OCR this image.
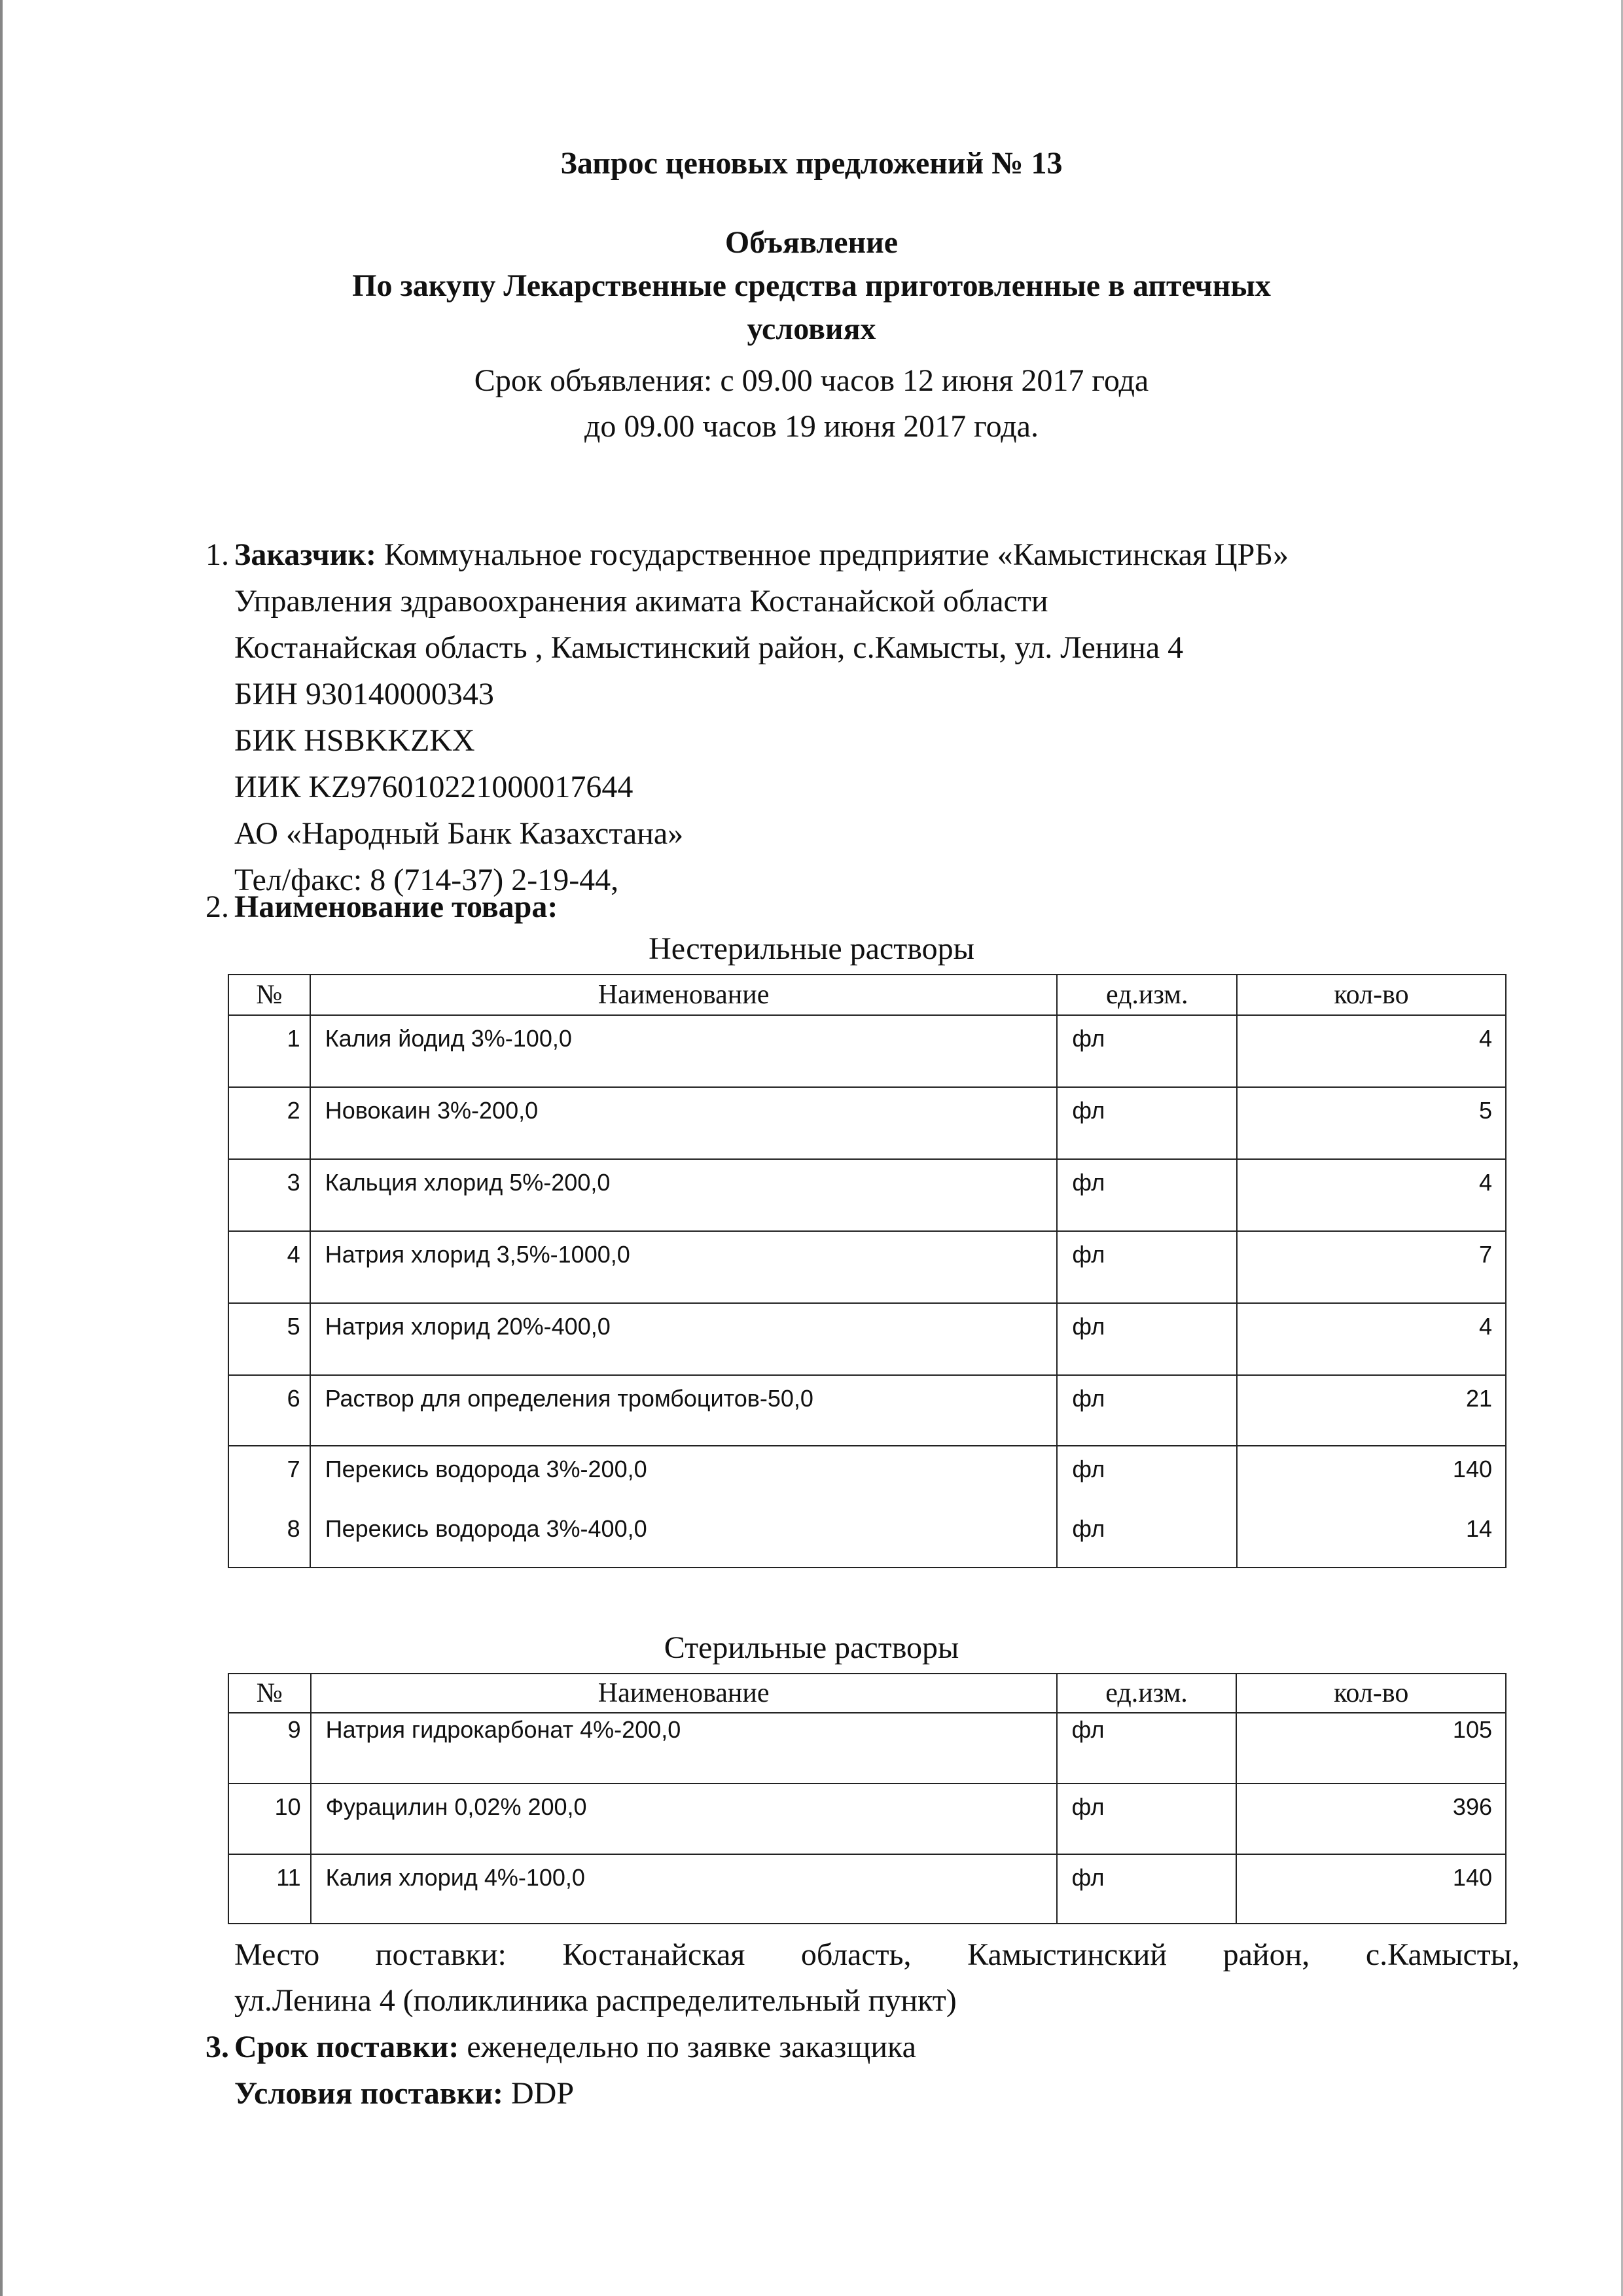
Запрос ценовых предложений № 13
Объявление
По закупу Лекарственные средства приготовленные в аптечных
условиях
Срок объявления: с 09.00 часов 12 июня 2017 года
до 09.00 часов 19 июня 2017 года.
1. Заказчик: Коммунальное государственное предприятие «Камыстинская ЦРБ»
Управления здравоохранения акимата Костанайской области
Костанайская область , Камыстинский район, с.Камысты, ул. Ленина 4
БИН 930140000343
БИК HSBKKZKX
ИИК KZ976010221000017644
АО «Народный Банк Казахстана»
Тел/факс: 8 (714-37) 2-19-44,
2. Наименование товара:
Нестерильные растворы
№	Наименование	ед.изм.	кол-во
1	Калия йодид 3%-100,0	фл	4
2	Новокаин 3%-200,0	фл	5
3	Кальция хлорид 5%-200,0	фл	4
4	Натрия хлорид 3,5%-1000,0	фл	7
5	Натрия хлорид 20%-400,0	фл	4
6	Раствор для определения тромбоцитов-50,0	фл	21
7	Перекись водорода 3%-200,0	фл	140
8	Перекись водорода 3%-400,0	фл	14
Стерильные растворы
№	Наименование	ед.изм.	кол-во
9	Натрия гидрокарбонат 4%-200,0	фл	105
10	Фурацилин 0,02% 200,0	фл	396
11	Калия хлорид 4%-100,0	фл	140
Место поставки: Костанайская область, Камыстинский район, с.Камысты,
ул.Ленина 4 (поликлиника распределительный пункт)
3. Срок поставки: еженедельно по заявке заказщика
Условия поставки: DDP
